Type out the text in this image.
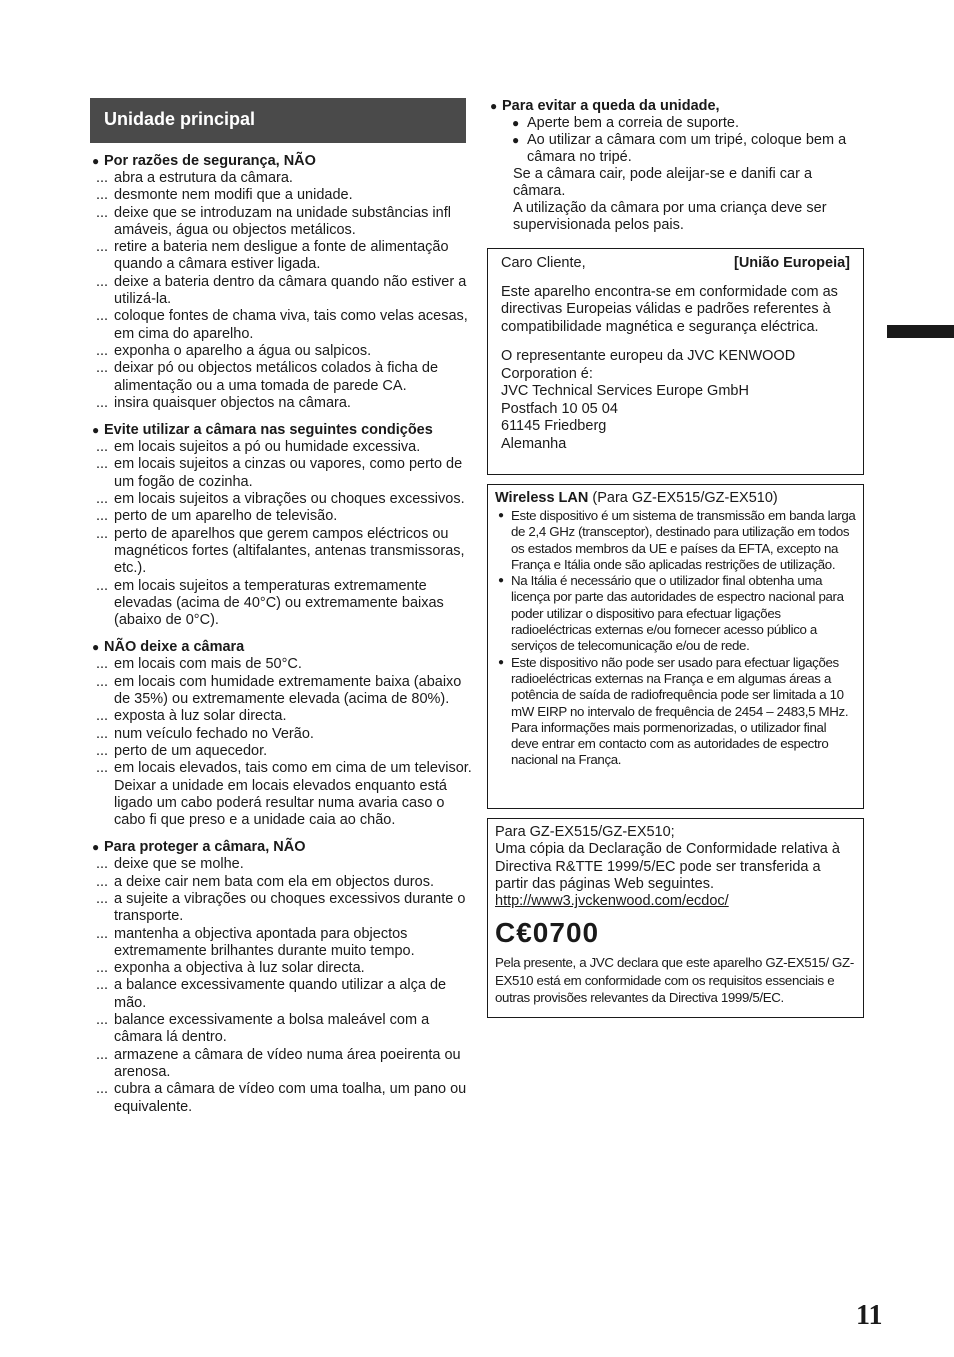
Unidade principal
● Por razões de segurança, NÃO
... abra a estrutura da câmara.
... desmonte nem modifi que a unidade.
... deixe que se introduzam na unidade substâncias infl amáveis, água ou objectos metálicos.
... retire a bateria nem desligue a fonte de alimentação quando a câmara estiver ligada.
... deixe a bateria dentro da câmara quando não estiver a utilizá-la.
... coloque fontes de chama viva, tais como velas acesas, em cima do aparelho.
... exponha o aparelho a água ou salpicos.
... deixar pó ou objectos metálicos colados à ficha de alimentação ou a uma tomada de parede CA.
... insira quaisquer objectos na câmara.
● Evite utilizar a câmara nas seguintes condições
... em locais sujeitos a pó ou humidade excessiva.
... em locais sujeitos a cinzas ou vapores, como perto de um fogão de cozinha.
... em locais sujeitos a vibrações ou choques excessivos.
... perto de um aparelho de televisão.
... perto de aparelhos que gerem campos eléctricos ou magnéticos fortes (altifalantes, antenas transmissoras, etc.).
... em locais sujeitos a temperaturas extremamente elevadas (acima de 40°C) ou extremamente baixas (abaixo de 0°C).
● NÃO deixe a câmara
... em locais com mais de 50°C.
... em locais com humidade extremamente baixa (abaixo de 35%) ou extremamente elevada (acima de 80%).
... exposta à luz solar directa.
... num veículo fechado no Verão.
... perto de um aquecedor.
... em locais elevados, tais como em cima de um televisor. Deixar a unidade em locais elevados enquanto está ligado um cabo poderá resultar numa avaria caso o cabo fi que preso e a unidade caia ao chão.
● Para proteger a câmara, NÃO
... deixe que se molhe.
... a deixe cair nem bata com ela em objectos duros.
... a sujeite a vibrações ou choques excessivos durante o transporte.
... mantenha a objectiva apontada para objectos extremamente brilhantes durante muito tempo.
... exponha a objectiva à luz solar directa.
... a balance excessivamente quando utilizar a alça de mão.
... balance excessivamente a bolsa maleável com a câmara lá dentro.
... armazene a câmara de vídeo numa área poeirenta ou arenosa.
... cubra a câmara de vídeo com uma toalha, um pano ou equivalente.
● Para evitar a queda da unidade,
● Aperte bem a correia de suporte.
● Ao utilizar a câmara com um tripé, coloque bem a câmara no tripé.
Se a câmara cair, pode aleijar-se e danifi car a câmara.
A utilização da câmara por uma criança deve ser supervisionada pelos pais.
Caro Cliente,	[União Europeia]
Este aparelho encontra-se em conformidade com as directivas Europeias válidas e padrões referentes à compatibilidade magnética e segurança eléctrica.
O representante europeu da JVC KENWOOD
Corporation é:
JVC Technical Services Europe GmbH
Postfach 10 05 04
61145 Friedberg
Alemanha
Wireless LAN (Para GZ-EX515/GZ-EX510)
● Este dispositivo é um sistema de transmissão em banda larga de 2,4 GHz (transceptor), destinado para utilização em todos os estados membros da UE e países da EFTA, excepto na França e Itália onde são aplicadas restrições de utilização.
● Na Itália é necessário que o utilizador final obtenha uma licença por parte das autoridades de espectro nacional para poder utilizar o dispositivo para efectuar ligações radioeléctricas externas e/ou fornecer acesso público a serviços de telecomunicação e/ou de rede.
● Este dispositivo não pode ser usado para efectuar ligações radioeléctricas externas na França e em algumas áreas a potência de saída de radiofrequência pode ser limitada a 10 mW EIRP no intervalo de frequência de 2454 – 2483,5 MHz. Para informações mais pormenorizadas, o utilizador final deve entrar em contacto com as autoridades de espectro nacional na França.
Para GZ-EX515/GZ-EX510;
Uma cópia da Declaração de Conformidade relativa à Directiva R&TTE 1999/5/EC pode ser transferida a partir das páginas Web seguintes.
http://www3.jvckenwood.com/ecdoc/
C€0700
Pela presente, a JVC declara que este aparelho GZ-EX515/ GZ-EX510 está em conformidade com os requisitos essenciais e outras provisões relevantes da Directiva 1999/5/EC.
11
